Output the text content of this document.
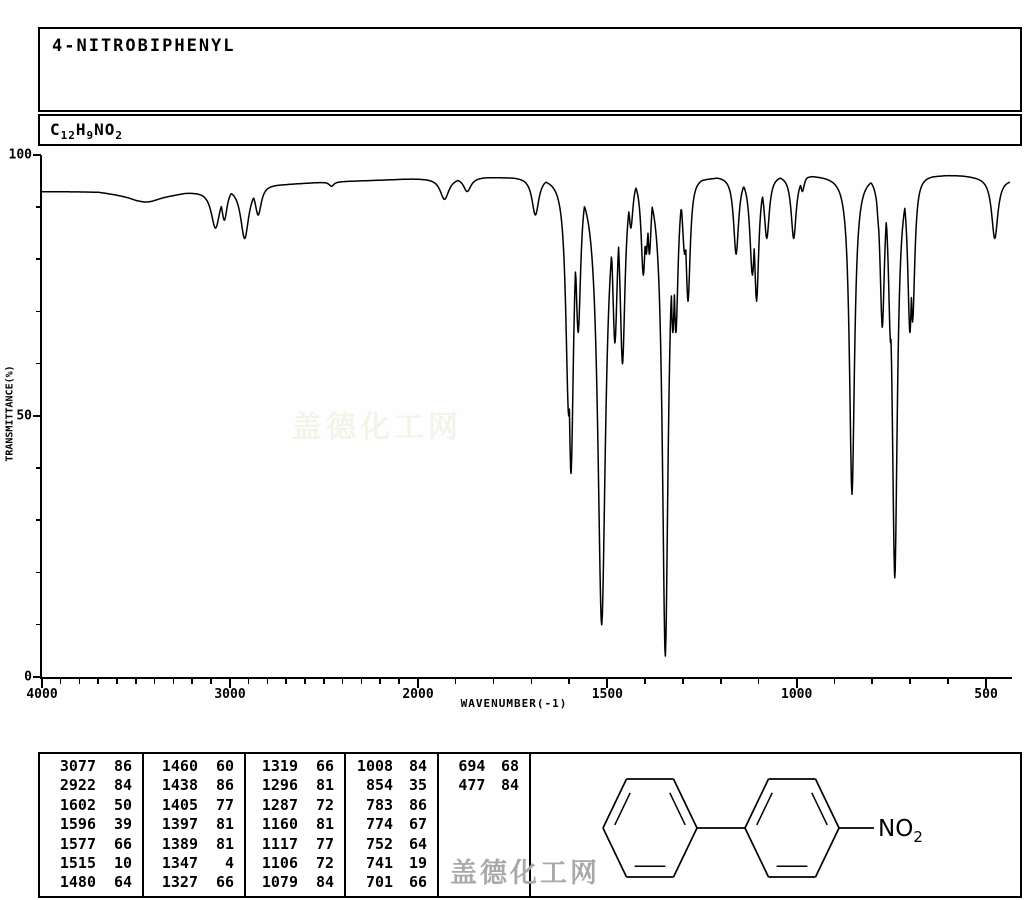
4-NITROBIPHENYL
$C_{12}H_9NO_2$
TRANSMITTANCE(%)
WAVENUMBER(-1)
4000	3000	2000	1500	1000	500
100
50
0
盖德化工网
3077	86
2922	84
1602	50
1596	39
1577	66
1515	10
1480	64
1460	60
1438	86
1405	77
1397	81
1389	81
1347	4
1327	66
1319	66
1296	81
1287	72
1160	81
1117	77
1106	72
1079	84
1008	84
854	35
783	86
774	67
752	64
741	19
701	66
694	68
477	84
$NO_2$
盖德化工网
